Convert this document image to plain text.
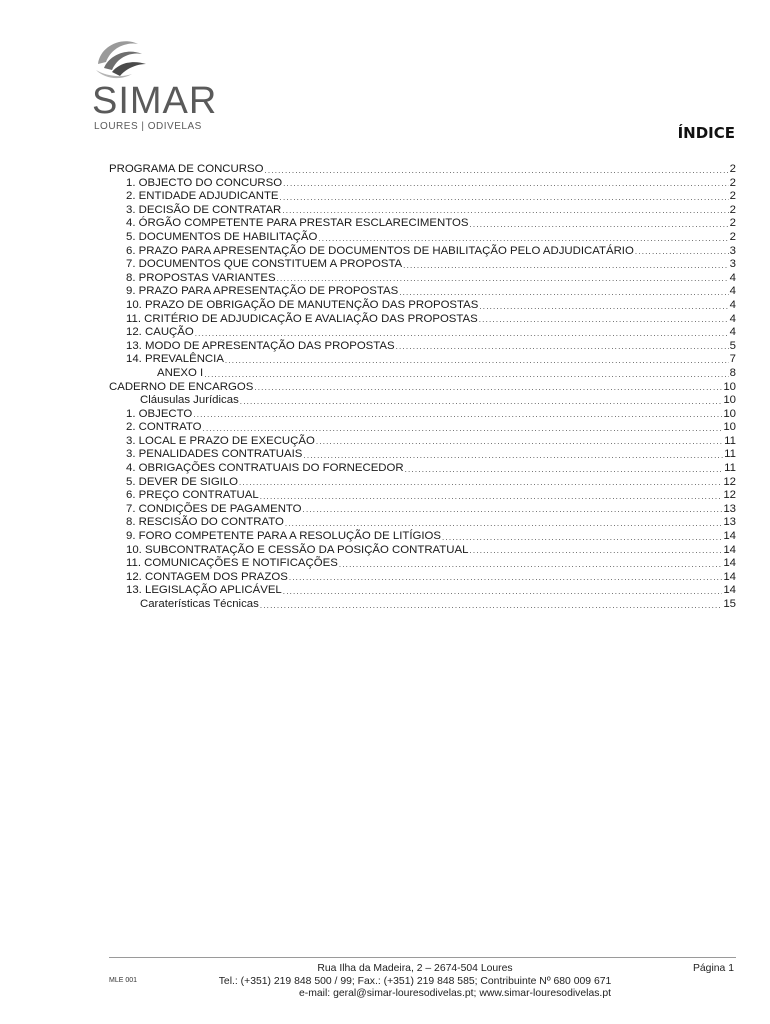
SIMAR
LOURES | ODIVELAS	ÍNDICE
PROGRAMA DE CONCURSO .....	2
1. OBJECTO DO CONCURSO .....	2
2. ENTIDADE ADJUDICANTE .....	2
3. DECISÃO DE CONTRATAR .....	2
4. ÓRGÃO COMPETENTE PARA PRESTAR ESCLARECIMENTOS .....	2
5. DOCUMENTOS DE HABILITAÇÃO .....	2
6. PRAZO PARA APRESENTAÇÃO DE DOCUMENTOS DE HABILITAÇÃO PELO ADJUDICATÁRIO .....	3
7. DOCUMENTOS QUE CONSTITUEM A PROPOSTA .....	3
8. PROPOSTAS VARIANTES .....	4
9. PRAZO PARA APRESENTAÇÃO DE PROPOSTAS .....	4
10. PRAZO DE OBRIGAÇÃO DE MANUTENÇÃO DAS PROPOSTAS .....	4
11. CRITÉRIO DE ADJUDICAÇÃO E AVALIAÇÃO DAS PROPOSTAS .....	4
12. CAUÇÃO .....	4
13. MODO DE APRESENTAÇÃO DAS PROPOSTAS .....	5
14. PREVALÊNCIA .....	7
ANEXO I .....	8
CADERNO DE ENCARGOS .....	10
Cláusulas Jurídicas .....	10
1. OBJECTO .....	10
2. CONTRATO .....	10
3. LOCAL E PRAZO DE EXECUÇÃO .....	11
3. PENALIDADES CONTRATUAIS .....	11
4. OBRIGAÇÕES CONTRATUAIS DO FORNECEDOR .....	11
5. DEVER DE SIGILO .....	12
6. PREÇO CONTRATUAL .....	12
7. CONDIÇÕES DE PAGAMENTO .....	13
8. RESCISÃO DO CONTRATO .....	13
9. FORO COMPETENTE PARA A RESOLUÇÃO DE LITÍGIOS .....	14
10. SUBCONTRATAÇÃO E CESSÃO DA POSIÇÃO CONTRATUAL .....	14
11. COMUNICAÇÕES E NOTIFICAÇÕES .....	14
12. CONTAGEM DOS PRAZOS .....	14
13. LEGISLAÇÃO APLICÁVEL .....	14
Caraterísticas Técnicas .....	15
Rua Ilha da Madeira, 2 – 2674-504 Loures
Tel.: (+351) 219 848 500 / 99; Fax.: (+351) 219 848 585; Contribuinte Nº 680 009 671
e-mail: geral@simar-louresodivelas.pt; www.simar-louresodivelas.pt
MLE 001
Página 1
